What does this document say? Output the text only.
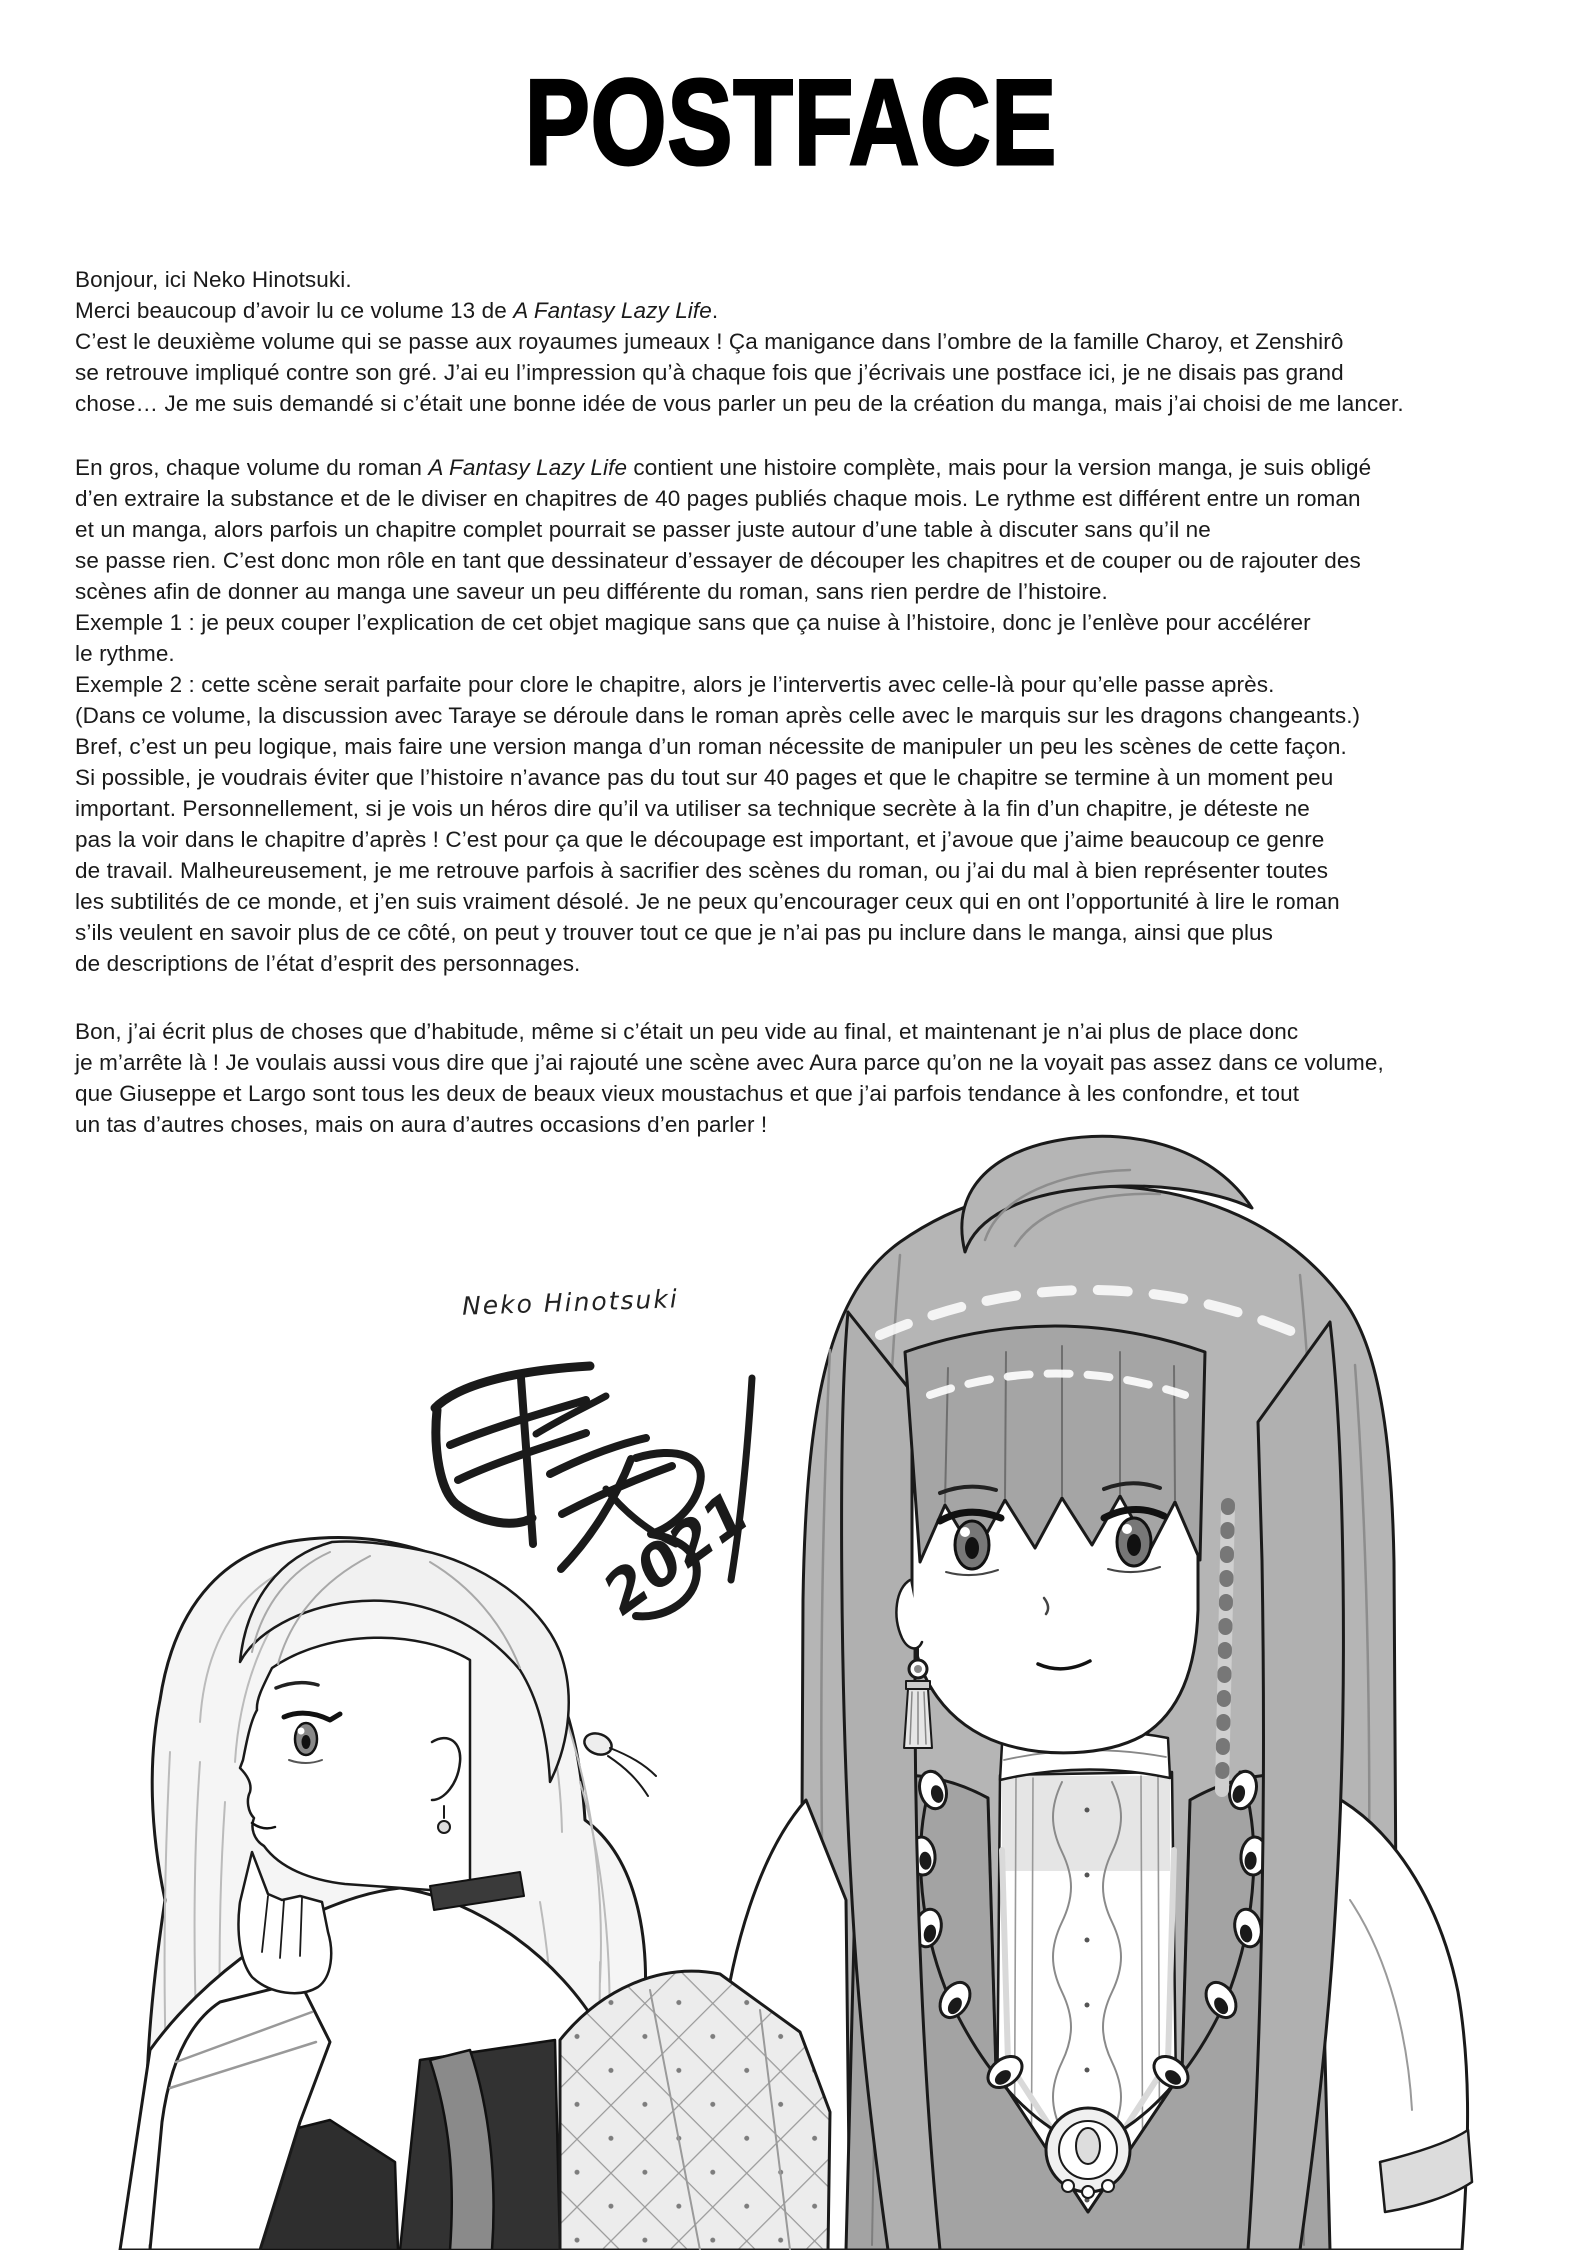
POSTFACE
Bonjour, ici Neko Hinotsuki.
Merci beaucoup d’avoir lu ce volume 13 de A Fantasy Lazy Life.
C’est le deuxième volume qui se passe aux royaumes jumeaux ! Ça manigance dans l’ombre de la famille Charoy, et Zenshirô
se retrouve impliqué contre son gré. J’ai eu l’impression qu’à chaque fois que j’écrivais une postface ici, je ne disais pas grand
chose… Je me suis demandé si c’était une bonne idée de vous parler un peu de la création du manga, mais j’ai choisi de me lancer.
En gros, chaque volume du roman A Fantasy Lazy Life contient une histoire complète, mais pour la version manga, je suis obligé
d’en extraire la substance et de le diviser en chapitres de 40 pages publiés chaque mois. Le rythme est différent entre un roman
et un manga, alors parfois un chapitre complet pourrait se passer juste autour d’une table à discuter sans qu’il ne
se passe rien. C’est donc mon rôle en tant que dessinateur d’essayer de découper les chapitres et de couper ou de rajouter des
scènes afin de donner au manga une saveur un peu différente du roman, sans rien perdre de l’histoire.
Exemple 1 : je peux couper l’explication de cet objet magique sans que ça nuise à l’histoire, donc je l’enlève pour accélérer
le rythme.
Exemple 2 : cette scène serait parfaite pour clore le chapitre, alors je l’intervertis avec celle-là pour qu’elle passe après.
(Dans ce volume, la discussion avec Taraye se déroule dans le roman après celle avec le marquis sur les dragons changeants.)
Bref, c’est un peu logique, mais faire une version manga d’un roman nécessite de manipuler un peu les scènes de cette façon.
Si possible, je voudrais éviter que l’histoire n’avance pas du tout sur 40 pages et que le chapitre se termine à un moment peu
important. Personnellement, si je vois un héros dire qu’il va utiliser sa technique secrète à la fin d’un chapitre, je déteste ne
pas la voir dans le chapitre d’après ! C’est pour ça que le découpage est important, et j’avoue que j’aime beaucoup ce genre
de travail. Malheureusement, je me retrouve parfois à sacrifier des scènes du roman, ou j’ai du mal à bien représenter toutes
les subtilités de ce monde, et j’en suis vraiment désolé. Je ne peux qu’encourager ceux qui en ont l’opportunité à lire le roman
s’ils veulent en savoir plus de ce côté, on peut y trouver tout ce que je n’ai pas pu inclure dans le manga, ainsi que plus
de descriptions de l’état d’esprit des personnages.
Bon, j’ai écrit plus de choses que d’habitude, même si c’était un peu vide au final, et maintenant je n’ai plus de place donc
je m’arrête là ! Je voulais aussi vous dire que j’ai rajouté une scène avec Aura parce qu’on ne la voyait pas assez dans ce volume,
que Giuseppe et Largo sont tous les deux de beaux vieux moustachus et que j’ai parfois tendance à les confondre, et tout
un tas d’autres choses, mais on aura d’autres occasions d’en parler !
Neko Hinotsuki
2021
